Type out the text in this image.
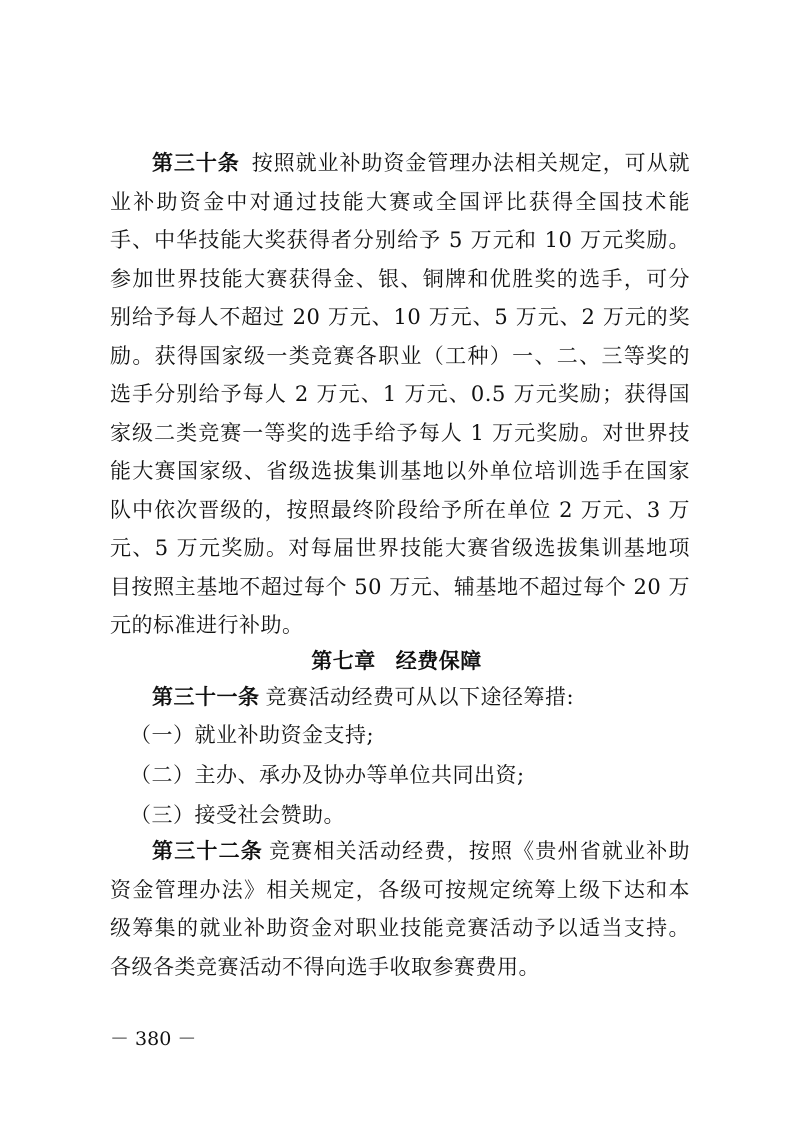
第三十条 按照就业补助资金管理办法相关规定，可从就业补助资金中对通过技能大赛或全国评比获得全国技术能手、中华技能大奖获得者分别给予 5 万元和 10 万元奖励。参加世界技能大赛获得金、银、铜牌和优胜奖的选手，可分别给予每人不超过 20 万元、10 万元、5 万元、2 万元的奖励。获得国家级一类竞赛各职业（工种）一、二、三等奖的选手分别给予每人 2 万元、1 万元、0.5 万元奖励；获得国家级二类竞赛一等奖的选手给予每人 1 万元奖励。对世界技能大赛国家级、省级选拔集训基地以外单位培训选手在国家队中依次晋级的，按照最终阶段给予所在单位 2 万元、3 万元、5 万元奖励。对每届世界技能大赛省级选拔集训基地项目按照主基地不超过每个 50 万元、辅基地不超过每个 20 万元的标准进行补助。

第七章 经费保障

第三十一条 竞赛活动经费可从以下途径筹措:

（一）就业补助资金支持;
（二）主办、承办及协办等单位共同出资;
（三）接受社会赞助。

第三十二条 竞赛相关活动经费，按照《贵州省就业补助资金管理办法》相关规定，各级可按规定统筹上级下达和本级筹集的就业补助资金对职业技能竞赛活动予以适当支持。各级各类竞赛活动不得向选手收取参赛费用。

－ 380 －
